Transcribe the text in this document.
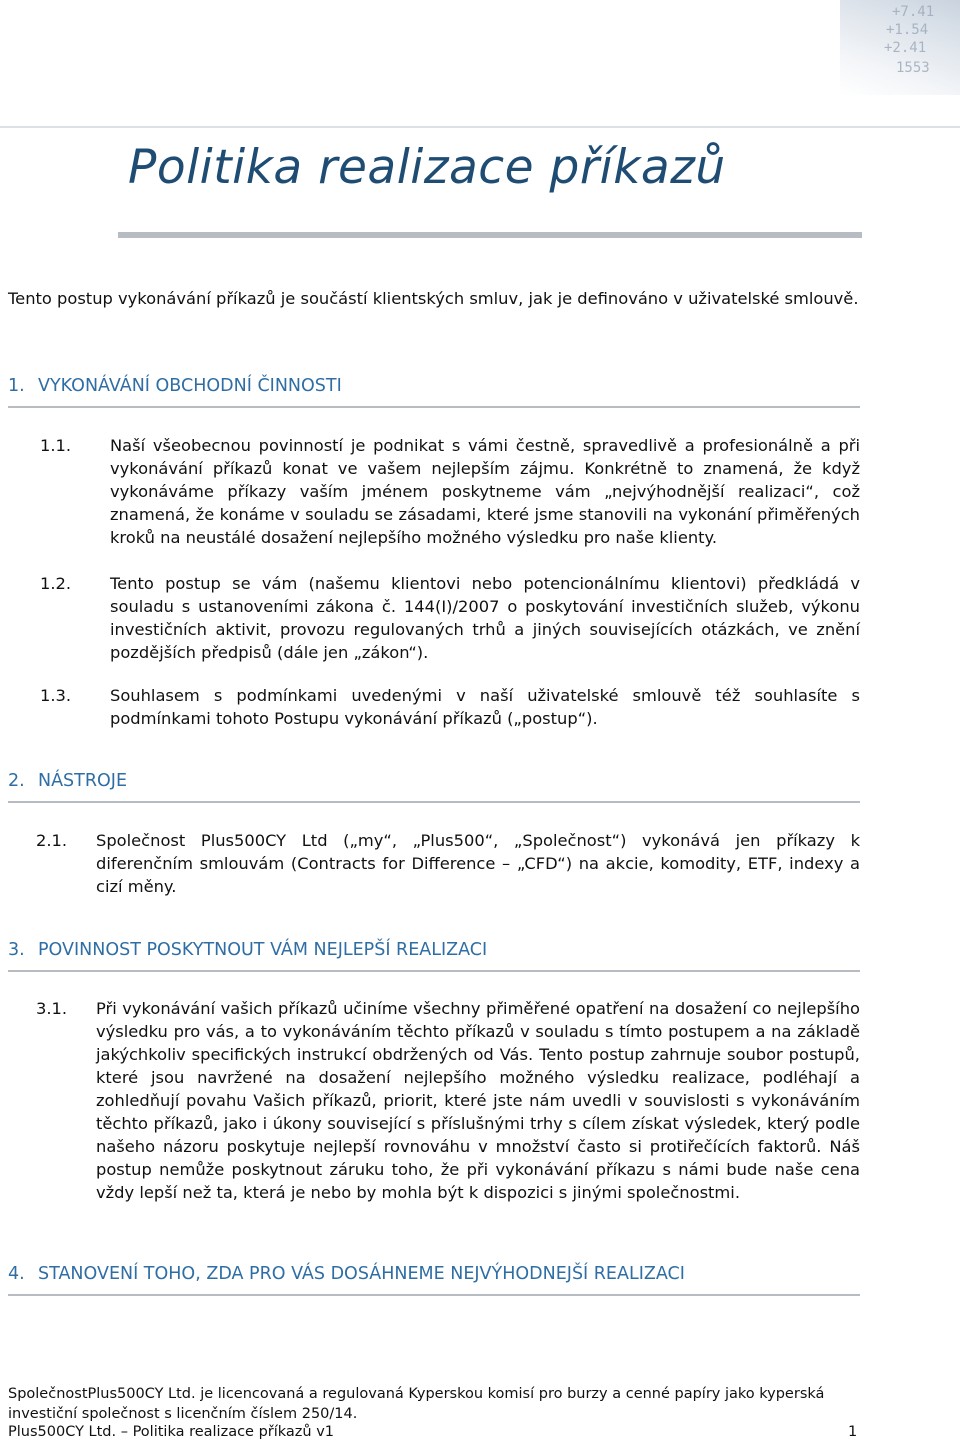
+7.41
+1.54
+2.41
1553
Politika realizace příkazů

Tento postup vykonávání příkazů je součástí klientských smluv, jak je definováno v uživatelské smlouvě.

1. VYKONÁVÁNÍ OBCHODNÍ ČINNOSTI
1.1. Naší všeobecnou povinností je podnikat s vámi čestně, spravedlivě a profesionálně a při vykonávání příkazů konat ve vašem nejlepším zájmu. Konkrétně to znamená, že když vykonáváme příkazy vaším jménem poskytneme vám „nejvýhodnější realizaci“, což znamená, že konáme v souladu se zásadami, které jsme stanovili na vykonání přiměřených kroků na neustálé dosažení nejlepšího možného výsledku pro naše klienty.

1.2. Tento postup se vám (našemu klientovi nebo potencionálnímu klientovi) předkládá v souladu s ustanoveními zákona č. 144(I)/2007 o poskytování investičních služeb, výkonu investičních aktivit, provozu regulovaných trhů a jiných souvisejících otázkách, ve znění pozdějších předpisů (dále jen „zákon“).

1.3. Souhlasem s podmínkami uvedenými v naší uživatelské smlouvě též souhlasíte s podmínkami tohoto Postupu vykonávání příkazů („postup“).

2. NÁSTROJE
2.1. Společnost Plus500CY Ltd („my“, „Plus500“, „Společnost“) vykonává jen příkazy k diferenčním smlouvám (Contracts for Difference – „CFD“) na akcie, komodity, ETF, indexy a cizí měny.

3. POVINNOST POSKYTNOUT VÁM NEJLEPŠÍ REALIZACI
3.1. Při vykonávání vašich příkazů učiníme všechny přiměřené opatření na dosažení co nejlepšího výsledku pro vás, a to vykonáváním těchto příkazů v souladu s tímto postupem a na základě jakýchkoliv specifických instrukcí obdržených od Vás. Tento postup zahrnuje soubor postupů, které jsou navržené na dosažení nejlepšího možného výsledku realizace, podléhají a zohledňují povahu Vašich příkazů, priorit, které jste nám uvedli v souvislosti s vykonáváním těchto příkazů, jako i úkony související s příslušnými trhy s cílem získat výsledek, který podle našeho názoru poskytuje nejlepší rovnováhu v množství často si protiřečících faktorů. Náš postup nemůže poskytnout záruku toho, že při vykonávání příkazu s námi bude naše cena vždy lepší než ta, která je nebo by mohla být k dispozici s jinými společnostmi.

4. STANOVENÍ TOHO, ZDA PRO VÁS DOSÁHNEME NEJVÝHODNEJŠÍ REALIZACI
SpolečnostPlus500CY Ltd. je licencovaná a regulovaná Kyperskou komisí pro burzy a cenné papíry jako kyperská
investiční společnost s licenčním číslem 250/14.
Plus500CY Ltd. – Politika realizace příkazů v1	1
